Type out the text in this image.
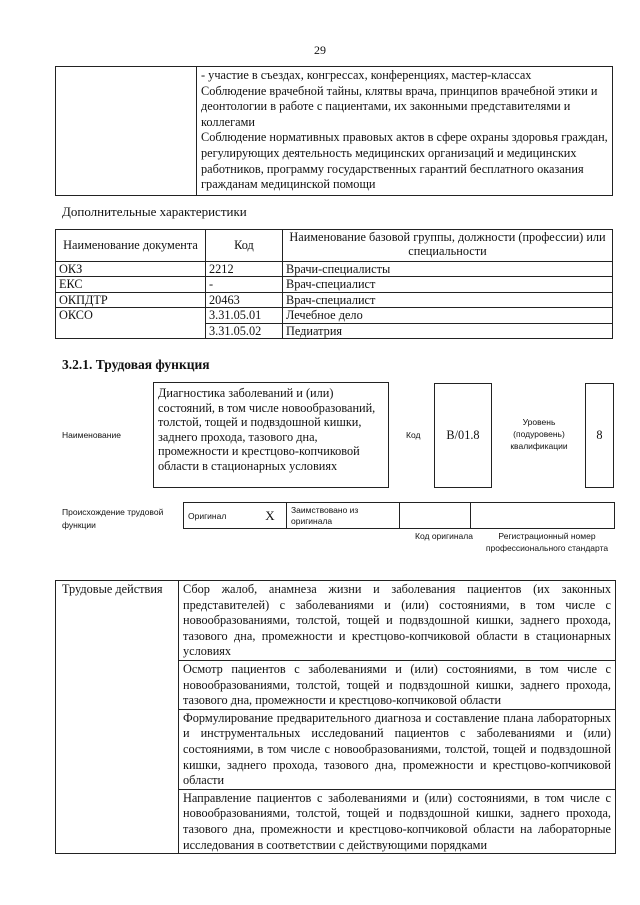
29

- участие в съездах, конгрессах, конференциях, мастер-классах
Соблюдение врачебной тайны, клятвы врача, принципов врачебной этики и деонтологии в работе с пациентами, их законными представителями и коллегами
Соблюдение нормативных правовых актов в сфере охраны здоровья граждан, регулирующих деятельность медицинских организаций и медицинских работников, программу государственных гарантий бесплатного оказания гражданам медицинской помощи
Дополнительные характеристики
Наименование документа	Код	Наименование базовой группы, должности (профессии) или специальности
ОКЗ	2212	Врачи-специалисты
ЕКС	-	Врач-специалист
ОКПДТР	20463	Врач-специалист
ОКСО	3.31.05.01	Лечебное дело
	3.31.05.02	Педиатрия
3.2.1. Трудовая функция
Наименование
Диагностика заболеваний и (или) состояний, в том числе новообразований, толстой, тощей и подвздошной кишки, заднего прохода, тазового дна, промежности и крестцово-копчиковой области в стационарных условиях
Код	B/01.8
Уровень (подуровень) квалификации
8
Происхождение трудовой функции
Оригинал	X	Заимствовано из оригинала		
Код оригинала	Регистрационный номер профессионального стандарта
Трудовые действия	Сбор жалоб, анамнеза жизни и заболевания пациентов (их законных представителей) с заболеваниями и (или) состояниями, в том числе с новообразованиями, толстой, тощей и подвздошной кишки, заднего прохода, тазового дна, промежности и крестцово-копчиковой области в стационарных условиях
Осмотр пациентов с заболеваниями и (или) состояниями, в том числе с новообразованиями, толстой, тощей и подвздошной кишки, заднего прохода, тазового дна, промежности и крестцово-копчиковой области
Формулирование предварительного диагноза и составление плана лабораторных и инструментальных исследований пациентов с заболеваниями и (или) состояниями, в том числе с новообразованиями, толстой, тощей и подвздошной кишки, заднего прохода, тазового дна, промежности и крестцово-копчиковой области
Направление пациентов с заболеваниями и (или) состояниями, в том числе с новообразованиями, толстой, тощей и подвздошной кишки, заднего прохода, тазового дна, промежности и крестцово-копчиковой области на лабораторные исследования в соответствии с действующими порядками
